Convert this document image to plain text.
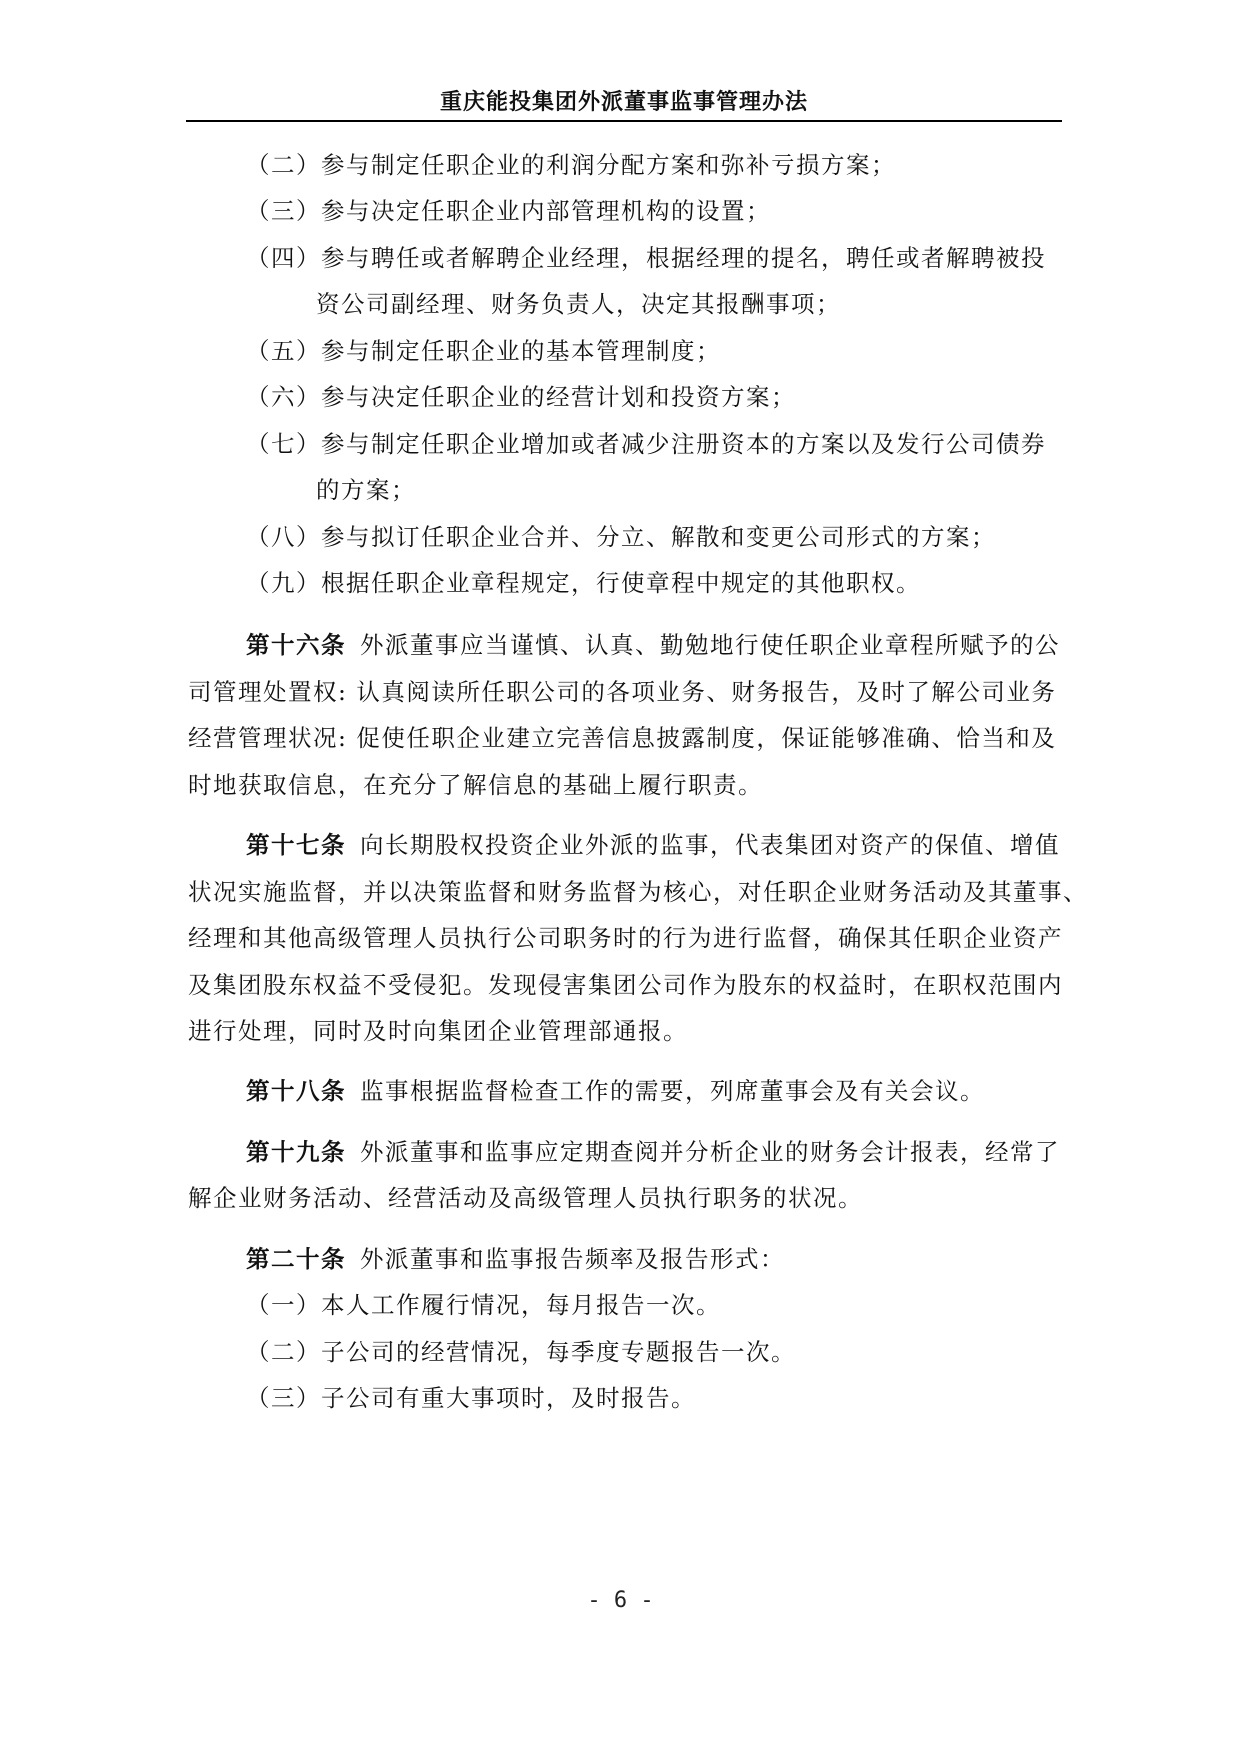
重庆能投集团外派董事监事管理办法
（二）参与制定任职企业的利润分配方案和弥补亏损方案；
（三）参与决定任职企业内部管理机构的设置；
（四）参与聘任或者解聘企业经理，根据经理的提名，聘任或者解聘被投
资公司副经理、财务负责人，决定其报酬事项；
（五）参与制定任职企业的基本管理制度；
（六）参与决定任职企业的经营计划和投资方案；
（七）参与制定任职企业增加或者减少注册资本的方案以及发行公司债券
的方案；
（八）参与拟订任职企业合并、分立、解散和变更公司形式的方案；
（九）根据任职企业章程规定，行使章程中规定的其他职权。
第十六条 外派董事应当谨慎、认真、勤勉地行使任职企业章程所赋予的公
司管理处置权: 认真阅读所任职公司的各项业务、财务报告，及时了解公司业务
经营管理状况: 促使任职企业建立完善信息披露制度，保证能够准确、恰当和及
时地获取信息，在充分了解信息的基础上履行职责。
第十七条 向长期股权投资企业外派的监事，代表集团对资产的保值、增值
状况实施监督，并以决策监督和财务监督为核心，对任职企业财务活动及其董事、
经理和其他高级管理人员执行公司职务时的行为进行监督，确保其任职企业资产
及集团股东权益不受侵犯。发现侵害集团公司作为股东的权益时，在职权范围内
进行处理，同时及时向集团企业管理部通报。
第十八条 监事根据监督检查工作的需要，列席董事会及有关会议。
第十九条 外派董事和监事应定期查阅并分析企业的财务会计报表，经常了
解企业财务活动、经营活动及高级管理人员执行职务的状况。
第二十条 外派董事和监事报告频率及报告形式：
（一）本人工作履行情况，每月报告一次。
（二）子公司的经营情况，每季度专题报告一次。
（三）子公司有重大事项时，及时报告。
- 6 -
